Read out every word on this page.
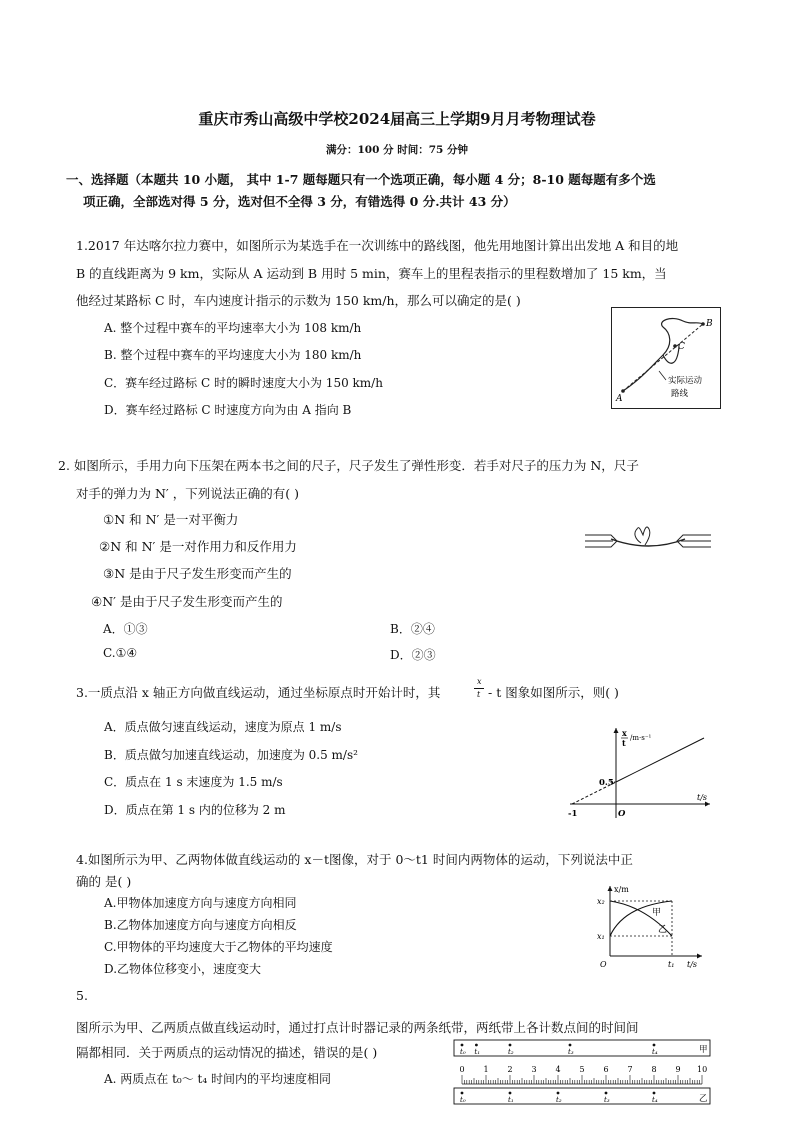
重庆市秀山高级中学校2024届高三上学期9月月考物理试卷
满分：100 分 时间：75 分钟
一、选择题（本题共 10 小题， 其中 1-7 题每题只有一个选项正确，每小题 4 分；8-10 题每题有多个选
项正确，全部选对得 5 分，选对但不全得 3 分，有错选得 0 分.共计 43 分）
1.2017 年达喀尔拉力赛中，如图所示为某选手在一次训练中的路线图，他先用地图计算出出发地 A 和目的地
B 的直线距离为 9 km，实际从 A 运动到 B 用时 5 min，赛车上的里程表指示的里程数增加了 15 km，当
他经过某路标 C 时，车内速度计指示的示数为 150 km/h，那么可以确定的是( )
A. 整个过程中赛车的平均速率大小为 108 km/h
B. 整个过程中赛车的平均速度大小为 180 km/h
C．赛车经过路标 C 时的瞬时速度大小为 150 km/h
D．赛车经过路标 C 时速度方向为由 A 指向 B
A
B
C
实际运动
路线
2. 如图所示，手用力向下压架在两本书之间的尺子，尺子发生了弹性形变．若手对尺子的压力为 N，尺子
对手的弹力为 N′ ，下列说法正确的有( )
①N 和 N′ 是一对平衡力
②N 和 N′ 是一对作用力和反作用力
③N 是由于尺子发生形变而产生的
④N′ 是由于尺子发生形变而产生的
A．①③	B．②④
C.①④	D．②③
3.一质点沿 x 轴正方向做直线运动，通过坐标原点时开始计时，其
x
t - t 图象如图所示，则( )
A．质点做匀速直线运动，速度为原点 1 m/s
B．质点做匀加速直线运动，加速度为 0.5 m/s²
C．质点在 1 s 末速度为 1.5 m/s
D．质点在第 1 s 内的位移为 2 m
x
t /m·s⁻¹
t/s
0.5
-1	O
4.如图所示为甲、乙两物体做直线运动的 x－t图像，对于 0～t1 时间内两物体的运动，下列说法中正
确的 是( )
A.甲物体加速度方向与速度方向相同
B.乙物体加速度方向与速度方向相反
C.甲物体的平均速度大于乙物体的平均速度
D.乙物体位移变小，速度变大
x/m
t/s
O
x₂
x₁
t₁
甲
乙
5.
图所示为甲、乙两质点做直线运动时，通过打点计时器记录的两条纸带，两纸带上各计数点间的时间间
隔都相同．关于两质点的运动情况的描述，错误的是( )
A. 两质点在 t₀～ t₄ 时间内的平均速度相同
甲
t₀ t₁	t₂	t₃	t₄
0 1 2 3 4 5 6 7 8 9 10
乙
t₀	t₁	t₂	t₃	t₄
